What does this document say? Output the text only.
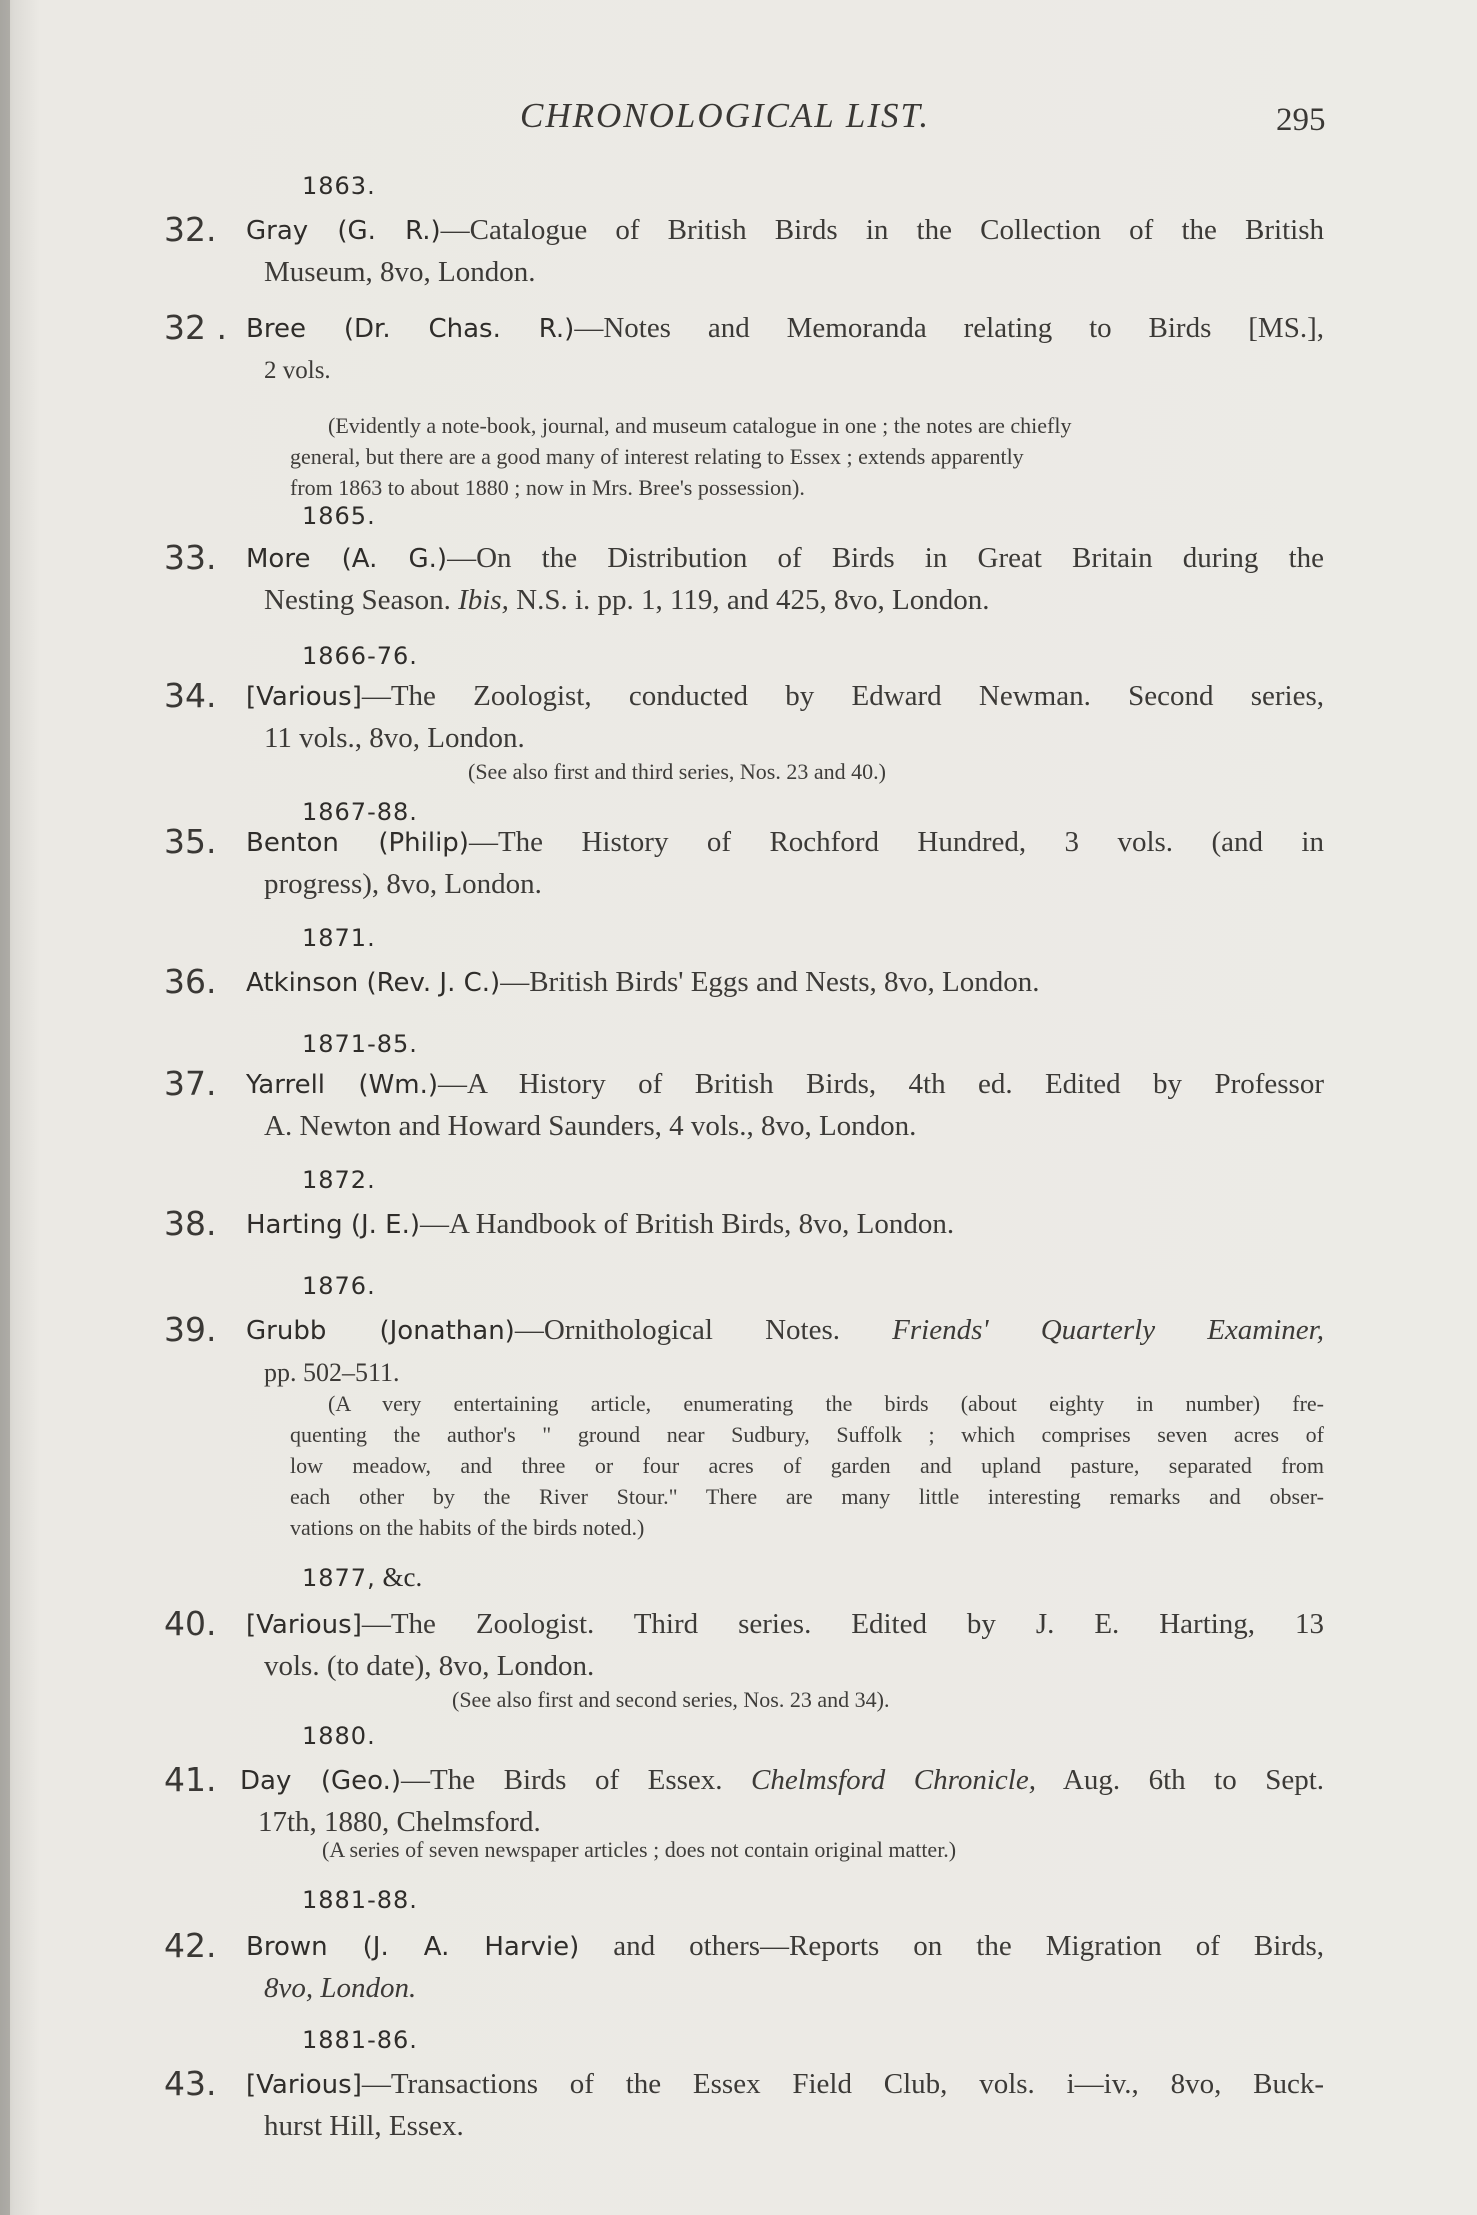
CHRONOLOGICAL LIST.	295
1863.
32. Gray (G. R.)—Catalogue of British Birds in the Collection of the British
Museum, 8vo, London.
32 . Bree (Dr. Chas. R.)—Notes and Memoranda relating to Birds [MS.],
2 vols.
(Evidently a note-book, journal, and museum catalogue in one ; the notes are chiefly
general, but there are a good many of interest relating to Essex ; extends apparently
from 1863 to about 1880 ; now in Mrs. Bree's possession).
1865.
33. More (A. G.)—On the Distribution of Birds in Great Britain during the
Nesting Season. Ibis, N.S. i. pp. 1, 119, and 425, 8vo, London.
1866-76.
34. [Various]—The Zoologist, conducted by Edward Newman. Second series,
11 vols., 8vo, London.
(See also first and third series, Nos. 23 and 40.)
1867-88.
35. Benton (Philip)—The History of Rochford Hundred, 3 vols. (and in
progress), 8vo, London.
1871.
36. Atkinson (Rev. J. C.)—British Birds' Eggs and Nests, 8vo, London.
1871-85.
37. Yarrell (Wm.)—A History of British Birds, 4th ed. Edited by Professor
A. Newton and Howard Saunders, 4 vols., 8vo, London.
1872.
38. Harting (J. E.)—A Handbook of British Birds, 8vo, London.
1876.
39. Grubb (Jonathan)—Ornithological Notes. Friends' Quarterly Examiner,
pp. 502–511.
(A very entertaining article, enumerating the birds (about eighty in number) fre-
quenting the author's " ground near Sudbury, Suffolk ; which comprises seven acres of
low meadow, and three or four acres of garden and upland pasture, separated from
each other by the River Stour." There are many little interesting remarks and obser-
vations on the habits of the birds noted.)
1877, &c.
40. [Various]—The Zoologist. Third series. Edited by J. E. Harting, 13
vols. (to date), 8vo, London.
(See also first and second series, Nos. 23 and 34).
1880.
41. Day (Geo.)—The Birds of Essex. Chelmsford Chronicle, Aug. 6th to Sept.
17th, 1880, Chelmsford.
(A series of seven newspaper articles ; does not contain original matter.)
1881-88.
42. Brown (J. A. Harvie) and others—Reports on the Migration of Birds,
8vo, London.
1881-86.
43. [Various]—Transactions of the Essex Field Club, vols. i—iv., 8vo, Buck-
hurst Hill, Essex.
